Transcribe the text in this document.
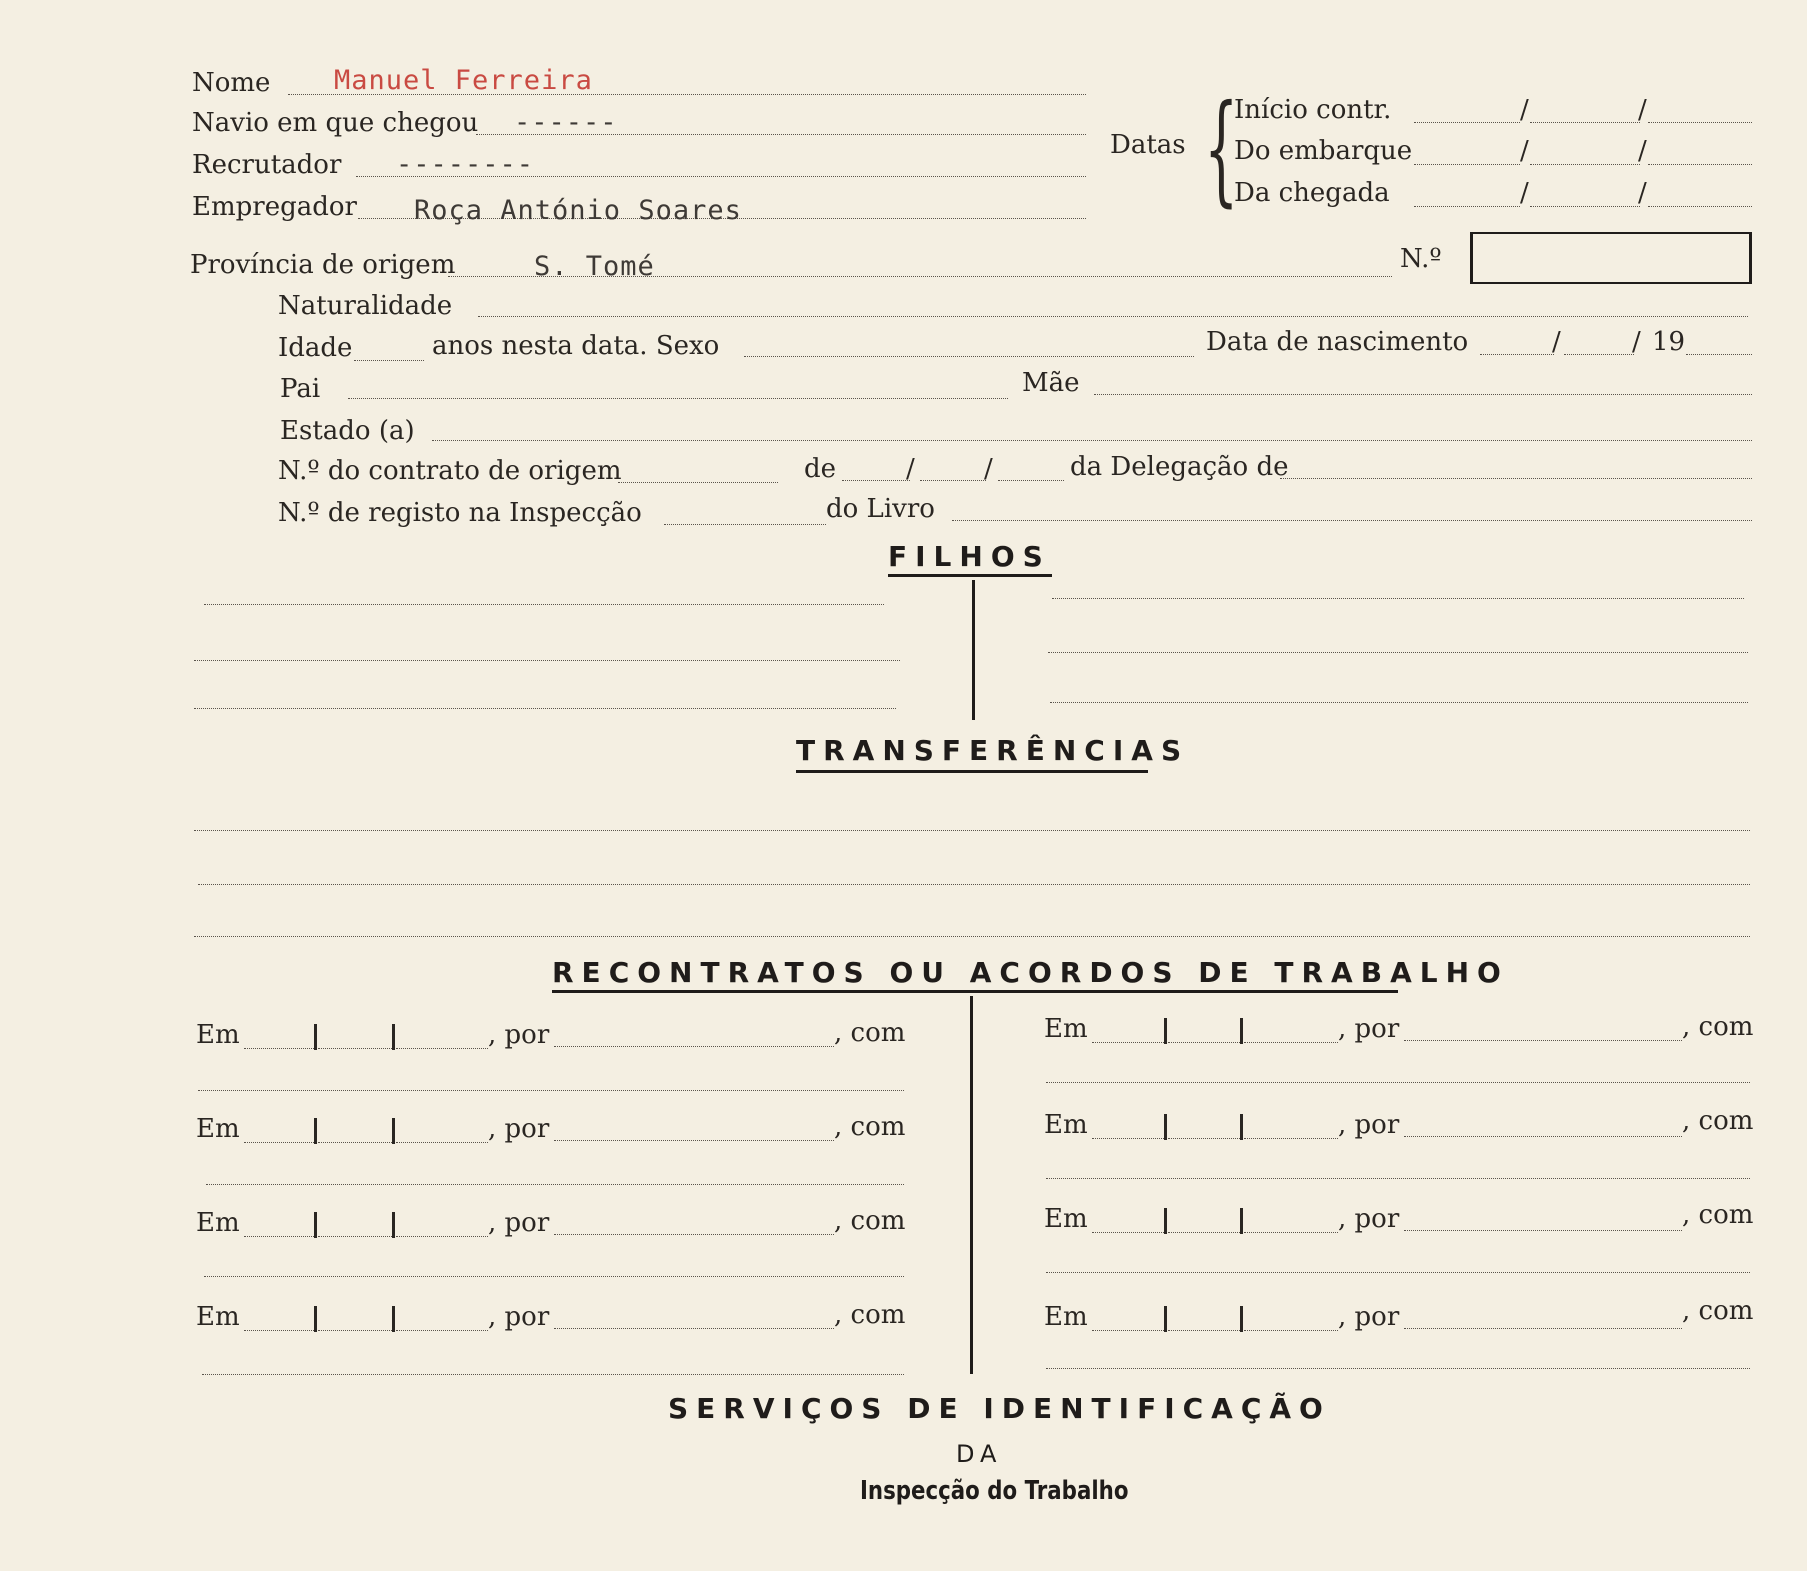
Nome Manuel Ferreira
Navio em que chegou ------
Recrutador --------
Empregador Roça António Soares
Datas {
Início contr.	/	/
Do embarque	/	/
Da chegada	/	/
Província de origem	S. Tomé	N.º
Naturalidade
Idade	anos nesta data. Sexo	Data de nascimento	/	/ 19
Pai	Mãe
Estado (a)
N.º do contrato de origem	de	/	/	da Delegação de
N.º de registo na Inspecção	do Livro
FILHOS
TRANSFERÊNCIAS
RECONTRATOS OU ACORDOS DE TRABALHO
Em	, por	, com
Em	, por	, com
Em	, por	, com
Em	, por	, com
Em	, por	, com
Em	, por	, com
Em	, por	, com
Em	, por	, com
SERVIÇOS DE IDENTIFICAÇÃO
DA
Inspecção do Trabalho
